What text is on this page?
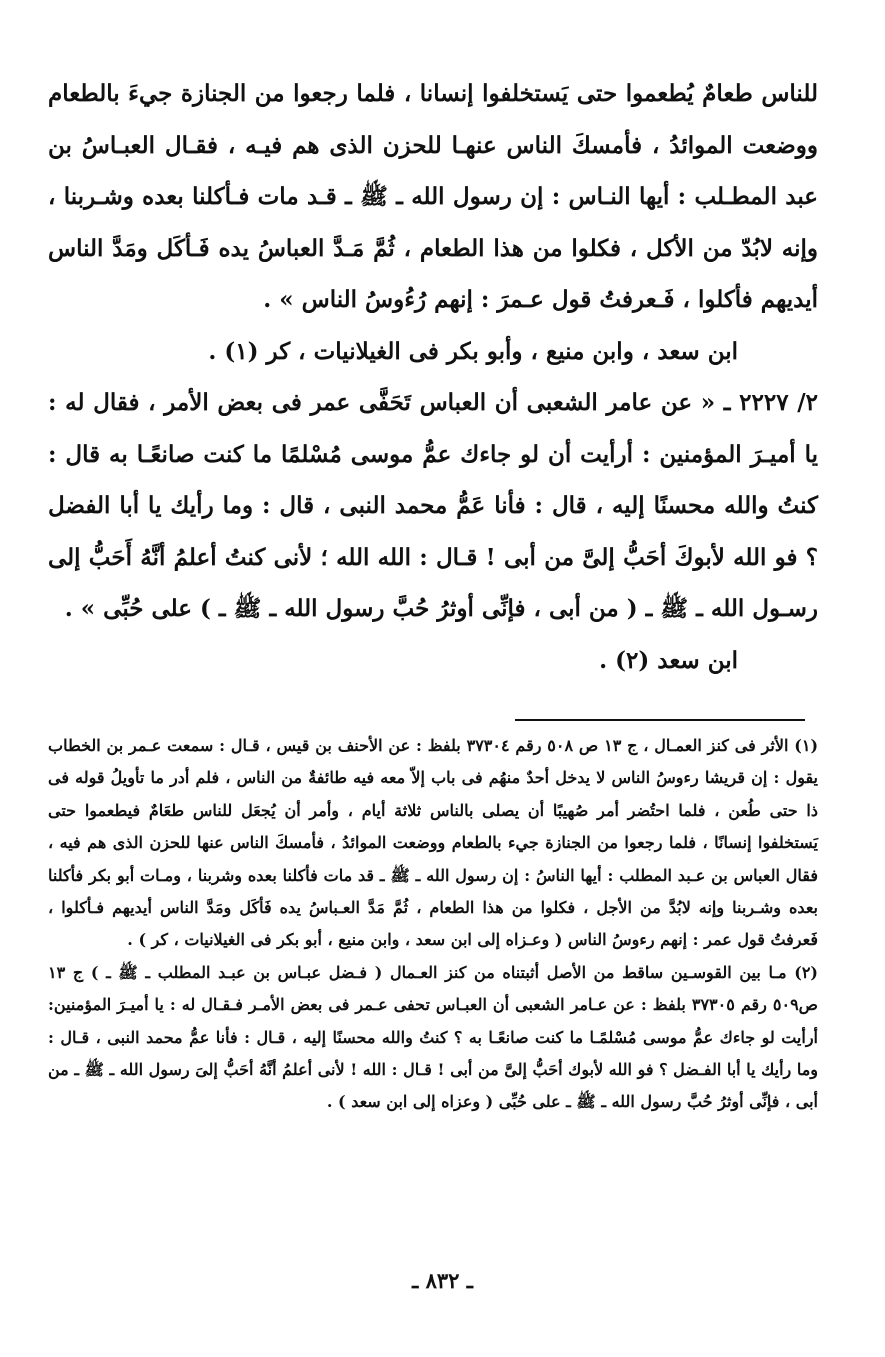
للناس طعامٌ يُطعموا حتى يَستخلفوا إنسانا ، فلما رجعوا من الجنازة جيءَ بالطعام ووضعت الموائدُ ، فأمسكَ الناس عنهـا للحزن الذى هم فيـه ، فقـال العبـاسُ بن عبد المطـلب : أيها النـاس : إن رسول الله ـ ﷺ ـ قـد مات فـأكلنا بعده وشـربنا ، وإنه لابُدّ من الأكل ، فكلوا من هذا الطعام ، ثُمَّ مَـدَّ العباسُ يده فَـأكَل ومَدَّ الناس أيديهم فأكلوا ، فَـعرفتُ قول عـمرَ : إنهم رُءُوسُ الناس » .

ابن سعد ، وابن منيع ، وأبو بكر فى الغيلانيات ، كر (١) .

٢/ ٢٢٢٧ ـ « عن عامر الشعبى أن العباس تَحَفَّى عمر فى بعض الأمر ، فقال له : يا أميـرَ المؤمنين : أرأيت أن لو جاءك عمُّ موسى مُسْلمًا ما كنت صانعًـا به قال : كنتُ والله محسنًا إليه ، قال : فأنا عَمُّ محمد النبى ، قال : وما رأيك يا أبا الفضل ؟ فو الله لأبوكَ أحَبُّ إلىَّ من أبى ! قـال : الله الله ؛ لأنى كنتُ أعلمُ أنَّهُ أَحَبُّ إلى رسـول الله ـ ﷺ ـ ( من أبى ، فإنِّى أوثرُ حُبَّ رسول الله ـ ﷺ ـ ) على حُبِّى » .

ابن سعد (٢) .

(١) الأثر فى كنز العمـال ، ج ١٣ ص ٥٠٨ رقم ٣٧٣٠٤ بلفظ : عن الأحنف بن قيس ، قـال : سمعت عـمر بن الخطاب يقول : إن قريشا رءوسُ الناس لا يدخل أحدٌ منهُم فى باب إلاّ معه فيه طائفةٌ من الناس ، فلم أدر ما تأويلُ قوله فى ذا حتى طُعن ، فلما احتُضر أمر صُهيبًا أن يصلى بالناس ثلاثة أيام ، وأمر أن يُجعَل للناس طعَامٌ فيطعموا حتى يَستخلفوا إنسانًا ، فلما رجعوا من الجنازة جيء بالطعام ووضعت الموائدُ ، فأمسكَ الناس عنها للحزن الذى هم فيه ، فقال العباس بن عـبد المطلب : أيها الناسُ : إن رسول الله ـ ﷺ ـ قد مات فأكلنا بعده وشربنا ، ومـات أبو بكر فأكلنا بعده وشـربنا وإنه لابُدَّ من الأجل ، فكلوا من هذا الطعام ، ثُمَّ مَدَّ العـباسُ يده فَأكَل ومَدَّ الناس أيديهم فـأكلوا ، فَعرفتُ قول عمر : إنهم رءوسُ الناس ( وعـزاه إلى ابن سعد ، وابن منيع ، أبو بكر فى الغيلانيات ، كر ) .

(٢) مـا بين القوسـين ساقط من الأصل أثبتناه من كنز العـمال ( فـضل عبـاس بن عبـد المطلب ـ ﷺ ـ ) ج ١٣ ص٥٠٩ رقم ٣٧٣٠٥ بلفظ : عن عـامر الشعبى أن العبـاس تحفى عـمر فى بعض الأمـر فـقـال له : يا أميـرَ المؤمنين: أرأيت لو جاءك عمُّ موسى مُسْلمًـا ما كنت صانعًـا به ؟ كنتُ والله محسنًا إليه ، قـال : فأنا عمُّ محمد النبى ، قـال : وما رأيك يا أبا الفـضل ؟ فو الله لأبوك أحَبُّ إلىَّ من أبى ! قـال : الله ! لأنى أعلمُ أنَّهُ أحَبُّ إلىَ رسول الله ـ ﷺ ـ من أبى ، فإنِّى أوثرُ حُبَّ رسول الله ـ ﷺ ـ على حُبِّى ( وعزاه إلى ابن سعد ) .

ـ ٨٣٢ ـ
